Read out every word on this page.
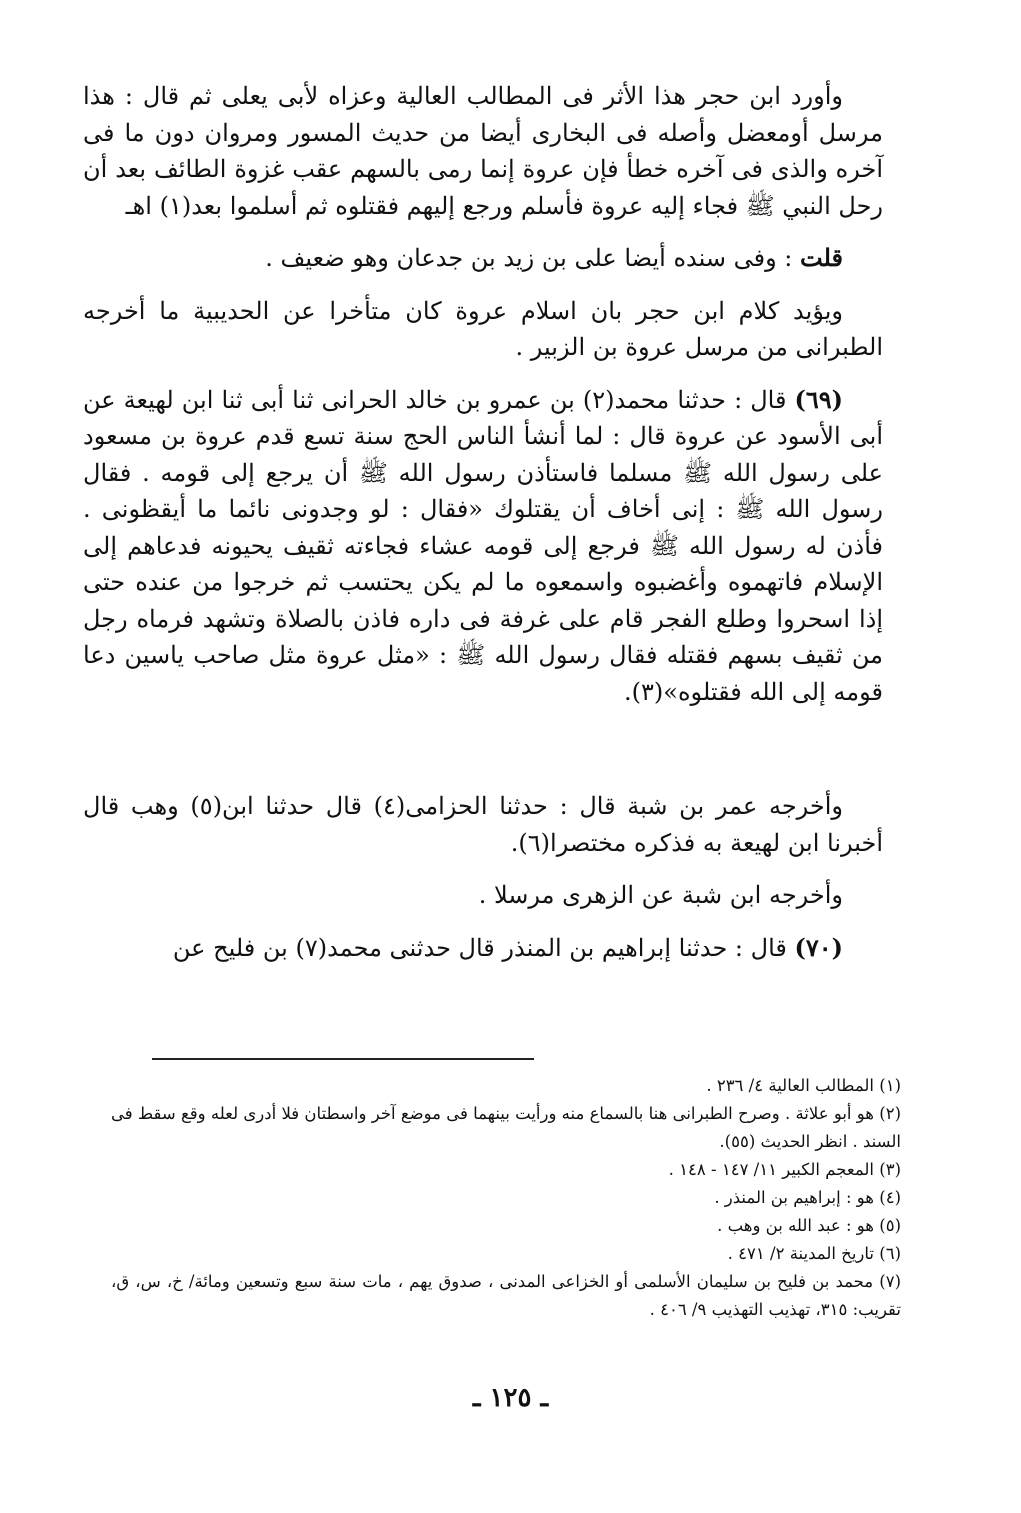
وأورد ابن حجر هذا الأثر فى المطالب العالية وعزاه لأبى يعلى ثم قال : هذا مرسل أومعضل وأصله فى البخارى أيضا من حديث المسور ومروان دون ما فى آخره والذى فى آخره خطأ فإن عروة إنما رمى بالسهم عقب غزوة الطائف بعد أن رحل النبي ﷺ فجاء إليه عروة فأسلم ورجع إليهم فقتلوه ثم أسلموا بعد(١) اهـ

قلت : وفى سنده أيضا على بن زيد بن جدعان وهو ضعيف .

ويؤيد كلام ابن حجر بان اسلام عروة كان متأخرا عن الحديبية ما أخرجه الطبرانى من مرسل عروة بن الزبير .

(٦٩) قال : حدثنا محمد(٢) بن عمرو بن خالد الحرانى ثنا أبى ثنا ابن لهيعة عن أبى الأسود عن عروة قال : لما أنشأ الناس الحج سنة تسع قدم عروة بن مسعود على رسول الله ﷺ مسلما فاستأذن رسول الله ﷺ أن يرجع إلى قومه . فقال رسول الله ﷺ : إنى أخاف أن يقتلوك «فقال : لو وجدونى نائما ما أيقظونى . فأذن له رسول الله ﷺ فرجع إلى قومه عشاء فجاءته ثقيف يحيونه فدعاهم إلى الإسلام فاتهموه وأغضبوه واسمعوه ما لم يكن يحتسب ثم خرجوا من عنده حتى إذا اسحروا وطلع الفجر قام على غرفة فى داره فاذن بالصلاة وتشهد فرماه رجل من ثقيف بسهم فقتله فقال رسول الله ﷺ : «مثل عروة مثل صاحب ياسين دعا قومه إلى الله فقتلوه»(٣).

وأخرجه عمر بن شبة قال : حدثنا الحزامى(٤) قال حدثنا ابن(٥) وهب قال أخبرنا ابن لهيعة به فذكره مختصرا(٦).

وأخرجه ابن شبة عن الزهرى مرسلا .

(٧٠) قال : حدثنا إبراهيم بن المنذر قال حدثنى محمد(٧) بن فليح عن

(١) المطالب العالية ٤/ ٢٣٦ .

(٢) هو أبو علاثة . وصرح الطبرانى هنا بالسماع منه ورأيت بينهما فى موضع آخر واسطتان فلا أدرى لعله وقع سقط فى السند . انظر الحديث (٥٥).

(٣) المعجم الكبير ١١/ ١٤٧ - ١٤٨ .

(٤) هو : إبراهيم بن المنذر .

(٥) هو : عبد الله بن وهب .

(٦) تاريخ المدينة ٢/ ٤٧١ .

(٧) محمد بن فليح بن سليمان الأسلمى أو الخزاعى المدنى ، صدوق يهم ، مات سنة سبع وتسعين ومائة/ خ، س، ق، تقريب: ٣١٥، تهذيب التهذيب ٩/ ٤٠٦ .

ـ ١٢٥ ـ
